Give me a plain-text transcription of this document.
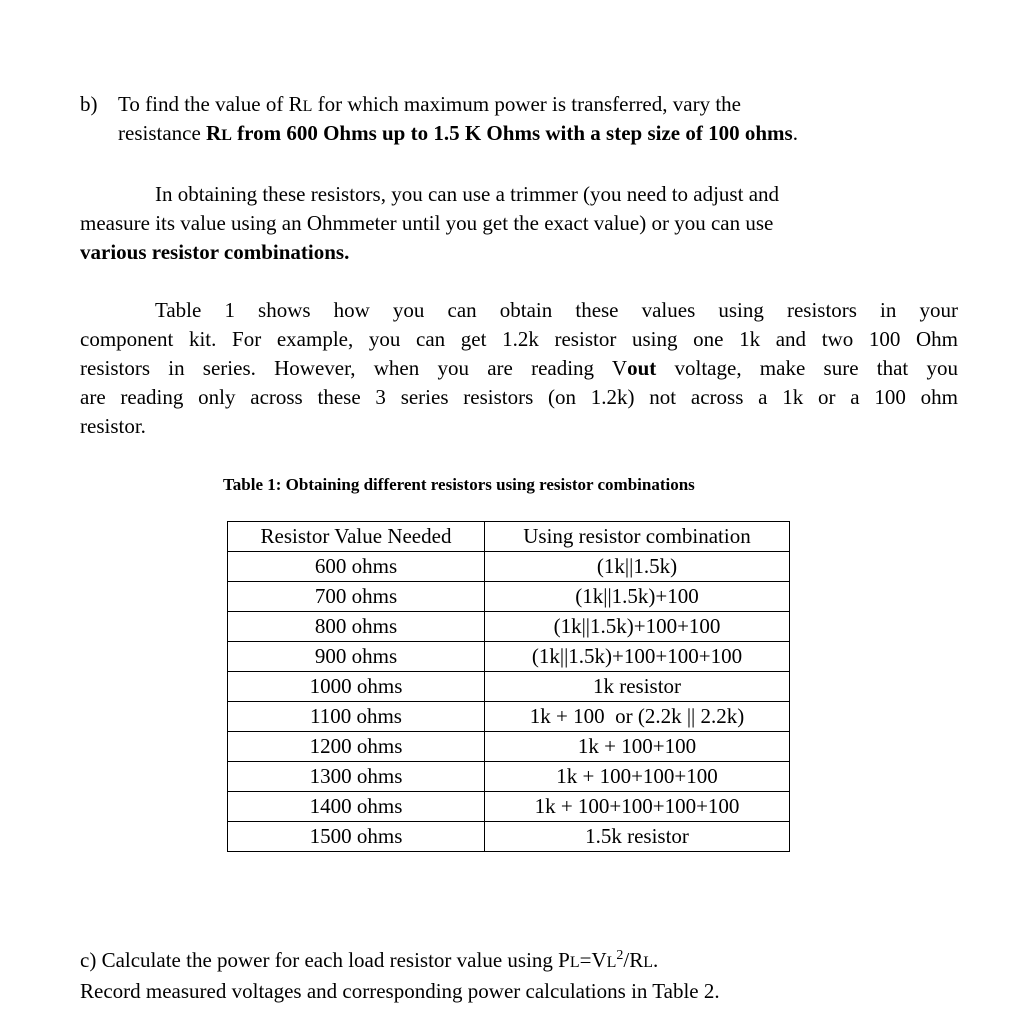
b) To find the value of RL for which maximum power is transferred, vary the
resistance RL from 600 Ohms up to 1.5 K Ohms with a step size of 100 ohms.
In obtaining these resistors, you can use a trimmer (you need to adjust and
measure its value using an Ohmmeter until you get the exact value) or you can use
various resistor combinations.
Table 1 shows how you can obtain these values using resistors in your
component kit. For example, you can get 1.2k resistor using one 1k and two 100 Ohm
resistors in series. However, when you are reading Vout voltage, make sure that you
are reading only across these 3 series resistors (on 1.2k) not across a 1k or a 100 ohm
resistor.
Table 1: Obtaining different resistors using resistor combinations
Resistor Value Needed	Using resistor combination
600 ohms	(1k||1.5k)
700 ohms	(1k||1.5k)+100
800 ohms	(1k||1.5k)+100+100
900 ohms	(1k||1.5k)+100+100+100
1000 ohms	1k resistor
1100 ohms	1k + 100  or (2.2k || 2.2k)
1200 ohms	1k + 100+100
1300 ohms	1k + 100+100+100
1400 ohms	1k + 100+100+100+100
1500 ohms	1.5k resistor
c) Calculate the power for each load resistor value using $PL=VL^2/RL$.
Record measured voltages and corresponding power calculations in Table 2.
